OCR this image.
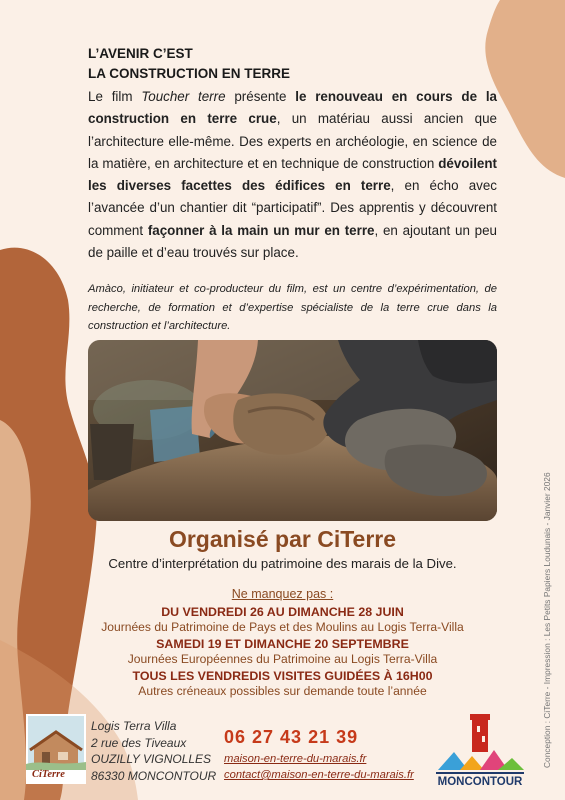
L’AVENIR C’EST
LA CONSTRUCTION EN TERRE
Le film Toucher terre présente le renouveau en cours de la construction en terre crue, un matériau aussi ancien que l’architecture elle-même. Des experts en archéologie, en science de la matière, en architecture et en technique de construction dévoilent les diverses facettes des édifices en terre, en écho avec l’avancée d’un chantier dit “participatif”. Des apprentis y découvrent comment façonner à la main un mur en terre, en ajoutant un peu de paille et d’eau trouvés sur place.
Amàco, initiateur et co-producteur du film, est un centre d’expérimentation, de recherche, de formation et d’expertise spécialiste de la terre crue dans la construction et l’architecture.
Organisé par CiTerre
Centre d’interprétation du patrimoine des marais de la Dive.
Ne manquez pas :
DU VENDREDI 26 AU DIMANCHE 28 JUIN
Journées du Patrimoine de Pays et des Moulins au Logis Terra-Villa
SAMEDI 19 ET DIMANCHE 20 SEPTEMBRE
Journées Européennes du Patrimoine au Logis Terra-Villa
TOUS LES VENDREDIS VISITES GUIDÉES À 16H00
Autres créneaux possibles sur demande toute l’année
CiTerre
Logis Terra Villa
2 rue des Tiveaux
OUZILLY VIGNOLLES
86330 MONCONTOUR
06 27 43 21 39
maison-en-terre-du-marais.fr
contact@maison-en-terre-du-marais.fr
MONCONTOUR
Conception : CiTerre - Impression : Les Petits Papiers Loudunais - Janvier 2026
